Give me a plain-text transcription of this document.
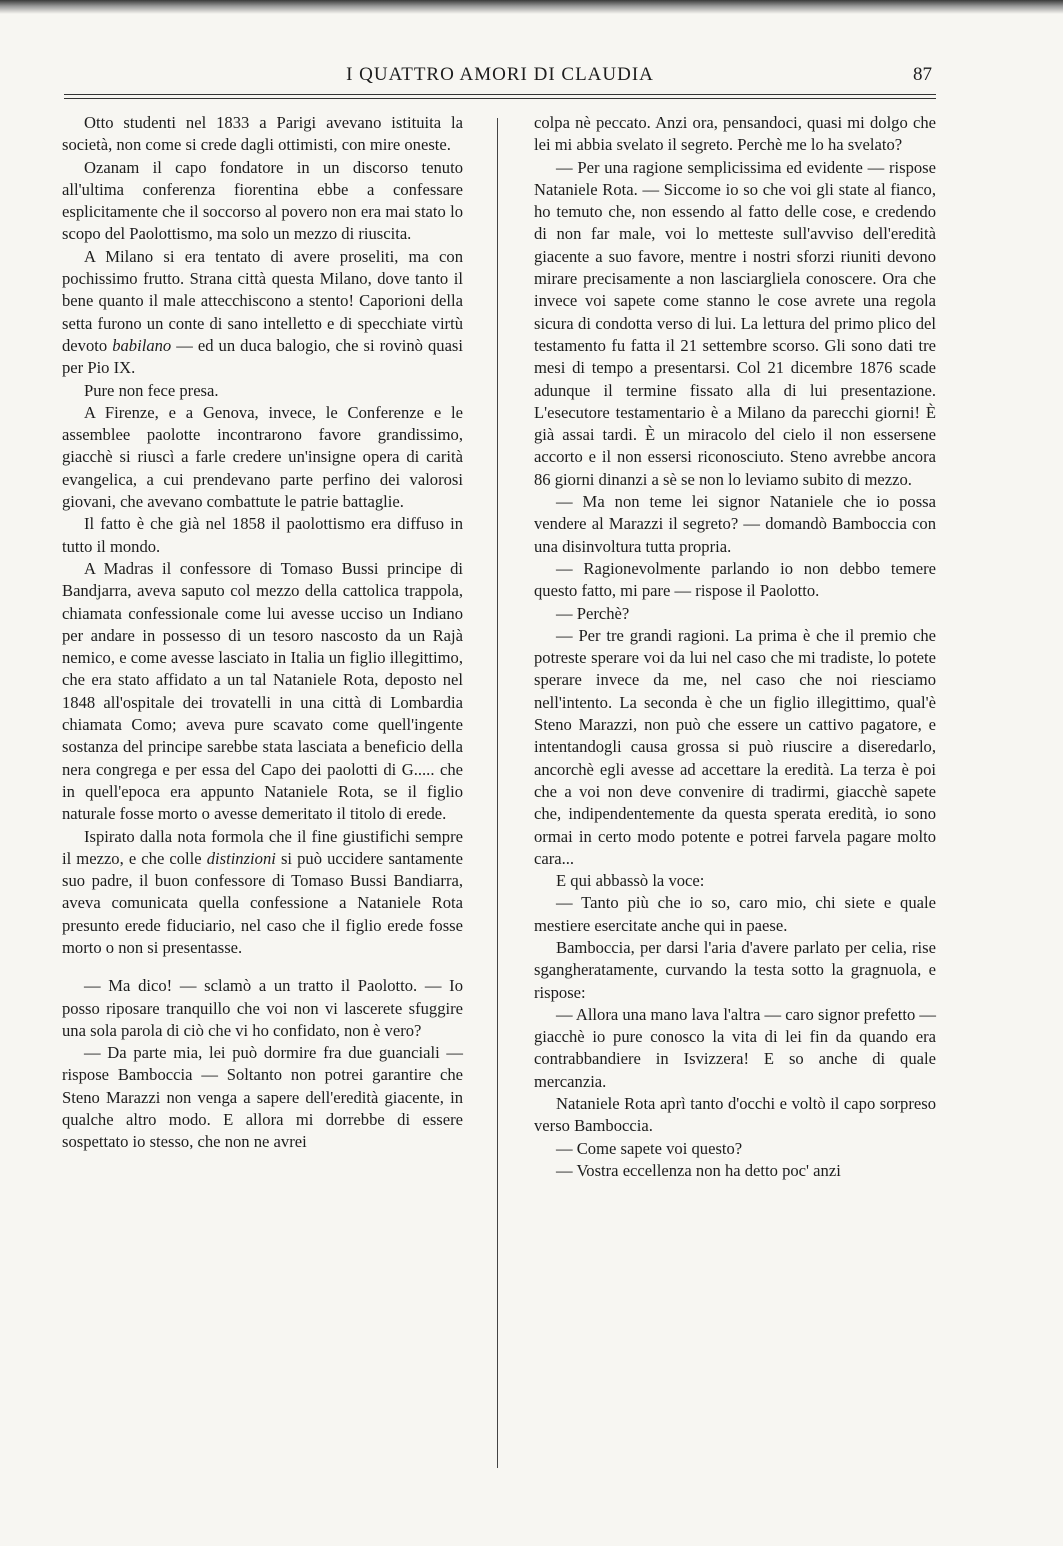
I QUATTRO AMORI DI CLAUDIA	87

Otto studenti nel 1833 a Parigi avevano istituita la società, non come si crede dagli ottimisti, con mire oneste.

Ozanam il capo fondatore in un discorso tenuto all'ultima conferenza fiorentina ebbe a confessare esplicitamente che il soccorso al povero non era mai stato lo scopo del Paolottismo, ma solo un mezzo di riuscita.

A Milano si era tentato di avere proseliti, ma con pochissimo frutto. Strana città questa Milano, dove tanto il bene quanto il male attecchiscono a stento! Caporioni della setta furono un conte di sano intelletto e di specchiate virtù devoto babilano — ed un duca balogio, che si rovinò quasi per Pio IX.

Pure non fece presa.

A Firenze, e a Genova, invece, le Conferenze e le assemblee paolotte incontrarono favore grandissimo, giacchè si riuscì a farle credere un'insigne opera di carità evangelica, a cui prendevano parte perfino dei valorosi giovani, che avevano combattute le patrie battaglie.

Il fatto è che già nel 1858 il paolottismo era diffuso in tutto il mondo.

A Madras il confessore di Tomaso Bussi principe di Bandjarra, aveva saputo col mezzo della cattolica trappola, chiamata confessionale come lui avesse ucciso un Indiano per andare in possesso di un tesoro nascosto da un Rajà nemico, e come avesse lasciato in Italia un figlio illegittimo, che era stato affidato a un tal Nataniele Rota, deposto nel 1848 all'ospitale dei trovatelli in una città di Lombardia chiamata Como; aveva pure scavato come quell'ingente sostanza del principe sarebbe stata lasciata a beneficio della nera congrega e per essa del Capo dei paolotti di G..... che in quell'epoca era appunto Nataniele Rota, se il figlio naturale fosse morto o avesse demeritato il titolo di erede.

Ispirato dalla nota formola che il fine giustifichi sempre il mezzo, e che colle distinzioni si può uccidere santamente suo padre, il buon confessore di Tomaso Bussi Bandiarra, aveva comunicata quella confessione a Nataniele Rota presunto erede fiduciario, nel caso che il figlio erede fosse morto o non si presentasse.

— Ma dico! — sclamò a un tratto il Paolotto. — Io posso riposare tranquillo che voi non vi lascerete sfuggire una sola parola di ciò che vi ho confidato, non è vero?

— Da parte mia, lei può dormire fra due guanciali — rispose Bamboccia — Soltanto non potrei garantire che Steno Marazzi non venga a sapere dell'eredità giacente, in qualche altro modo. E allora mi dorrebbe di essere sospettato io stesso, che non ne avrei

colpa nè peccato. Anzi ora, pensandoci, quasi mi dolgo che lei mi abbia svelato il segreto. Perchè me lo ha svelato?

— Per una ragione semplicissima ed evidente — rispose Nataniele Rota. — Siccome io so che voi gli state al fianco, ho temuto che, non essendo al fatto delle cose, e credendo di non far male, voi lo metteste sull'avviso dell'eredità giacente a suo favore, mentre i nostri sforzi riuniti devono mirare precisamente a non lasciargliela conoscere. Ora che invece voi sapete come stanno le cose avrete una regola sicura di condotta verso di lui. La lettura del primo plico del testamento fu fatta il 21 settembre scorso. Gli sono dati tre mesi di tempo a presentarsi. Col 21 dicembre 1876 scade adunque il termine fissato alla di lui presentazione. L'esecutore testamentario è a Milano da parecchi giorni! È già assai tardi. È un miracolo del cielo il non essersene accorto e il non essersi riconosciuto. Steno avrebbe ancora 86 giorni dinanzi a sè se non lo leviamo subito di mezzo.

— Ma non teme lei signor Nataniele che io possa vendere al Marazzi il segreto? — domandò Bamboccia con una disinvoltura tutta propria.

— Ragionevolmente parlando io non debbo temere questo fatto, mi pare — rispose il Paolotto.

— Perchè?

— Per tre grandi ragioni. La prima è che il premio che potreste sperare voi da lui nel caso che mi tradiste, lo potete sperare invece da me, nel caso che noi riesciamo nell'intento. La seconda è che un figlio illegittimo, qual'è Steno Marazzi, non può che essere un cattivo pagatore, e intentandogli causa grossa si può riuscire a diseredarlo, ancorchè egli avesse ad accettare la eredità. La terza è poi che a voi non deve convenire di tradirmi, giacchè sapete che, indipendentemente da questa sperata eredità, io sono ormai in certo modo potente e potrei farvela pagare molto cara...

E qui abbassò la voce:

— Tanto più che io so, caro mio, chi siete e quale mestiere esercitate anche qui in paese.

Bamboccia, per darsi l'aria d'avere parlato per celia, rise sgangheratamente, curvando la testa sotto la gragnuola, e rispose:

— Allora una mano lava l'altra — caro signor prefetto — giacchè io pure conosco la vita di lei fin da quando era contrabbandiere in Isvizzera! E so anche di quale mercanzia.

Nataniele Rota aprì tanto d'occhi e voltò il capo sorpreso verso Bamboccia.

— Come sapete voi questo?

— Vostra eccellenza non ha detto poc' anzi
